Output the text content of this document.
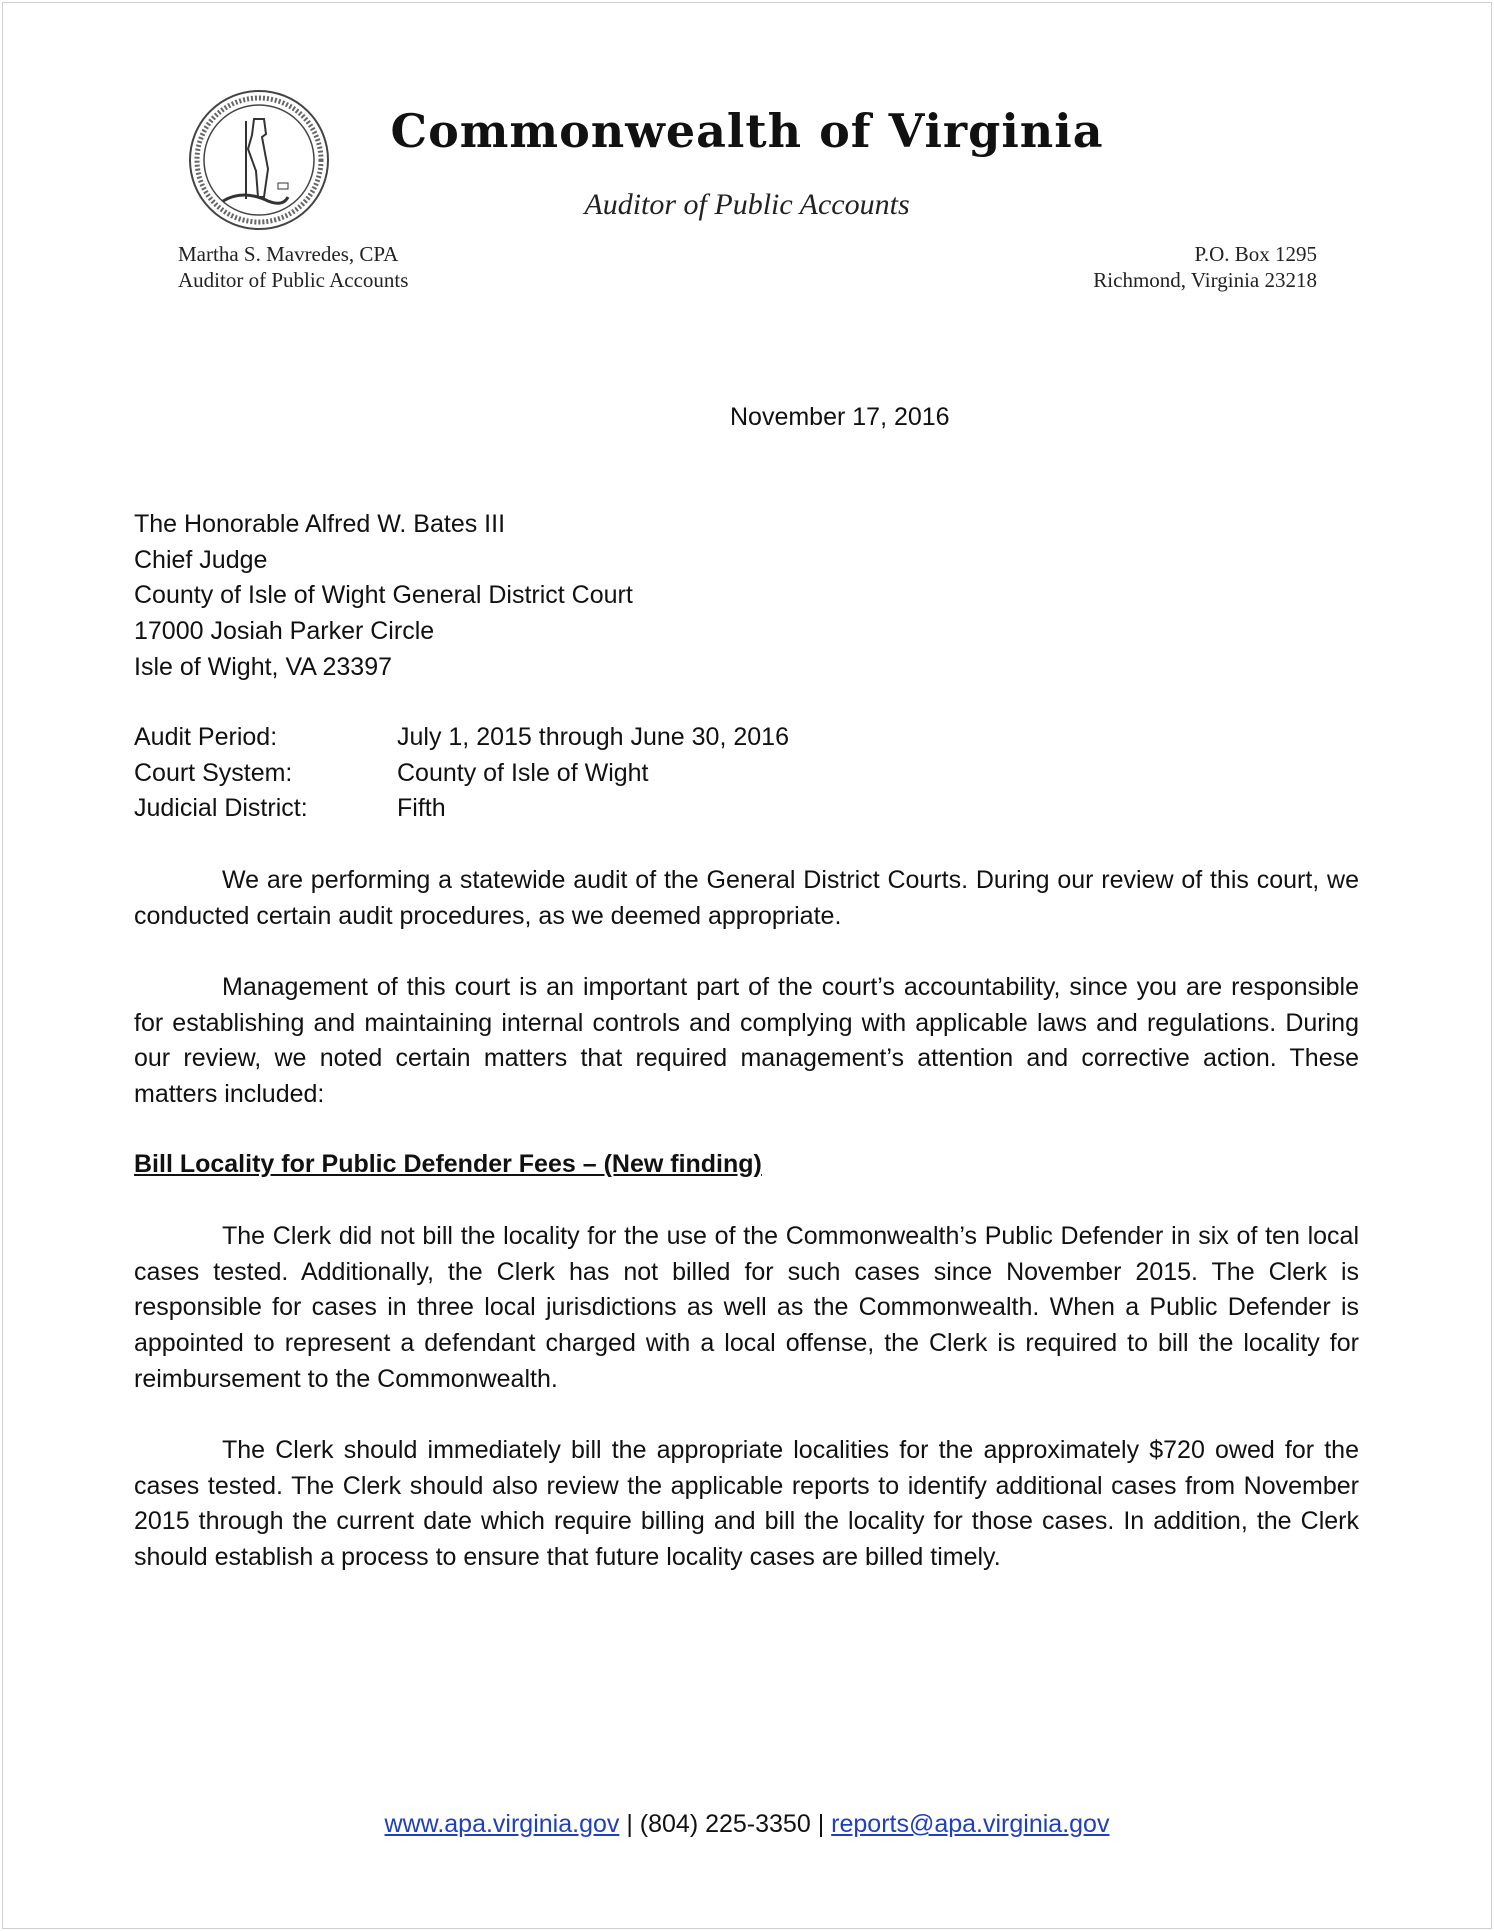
Commonwealth of Virginia
Auditor of Public Accounts
Martha S. Mavredes, CPA
Auditor of Public Accounts
P.O. Box 1295
Richmond, Virginia 23218
November 17, 2016
The Honorable Alfred W. Bates III
Chief Judge
County of Isle of Wight General District Court
17000 Josiah Parker Circle
Isle of Wight, VA 23397
Audit Period:	July 1, 2015 through June 30, 2016
Court System:	County of Isle of Wight
Judicial District:	Fifth

We are performing a statewide audit of the General District Courts. During our review of this court, we conducted certain audit procedures, as we deemed appropriate.

Management of this court is an important part of the court’s accountability, since you are responsible for establishing and maintaining internal controls and complying with applicable laws and regulations. During our review, we noted certain matters that required management’s attention and corrective action. These matters included:

Bill Locality for Public Defender Fees – (New finding)

The Clerk did not bill the locality for the use of the Commonwealth’s Public Defender in six of ten local cases tested. Additionally, the Clerk has not billed for such cases since November 2015. The Clerk is responsible for cases in three local jurisdictions as well as the Commonwealth. When a Public Defender is appointed to represent a defendant charged with a local offense, the Clerk is required to bill the locality for reimbursement to the Commonwealth.

The Clerk should immediately bill the appropriate localities for the approximately $720 owed for the cases tested. The Clerk should also review the applicable reports to identify additional cases from November 2015 through the current date which require billing and bill the locality for those cases. In addition, the Clerk should establish a process to ensure that future locality cases are billed timely.

www.apa.virginia.gov | (804) 225-3350 | reports@apa.virginia.gov
